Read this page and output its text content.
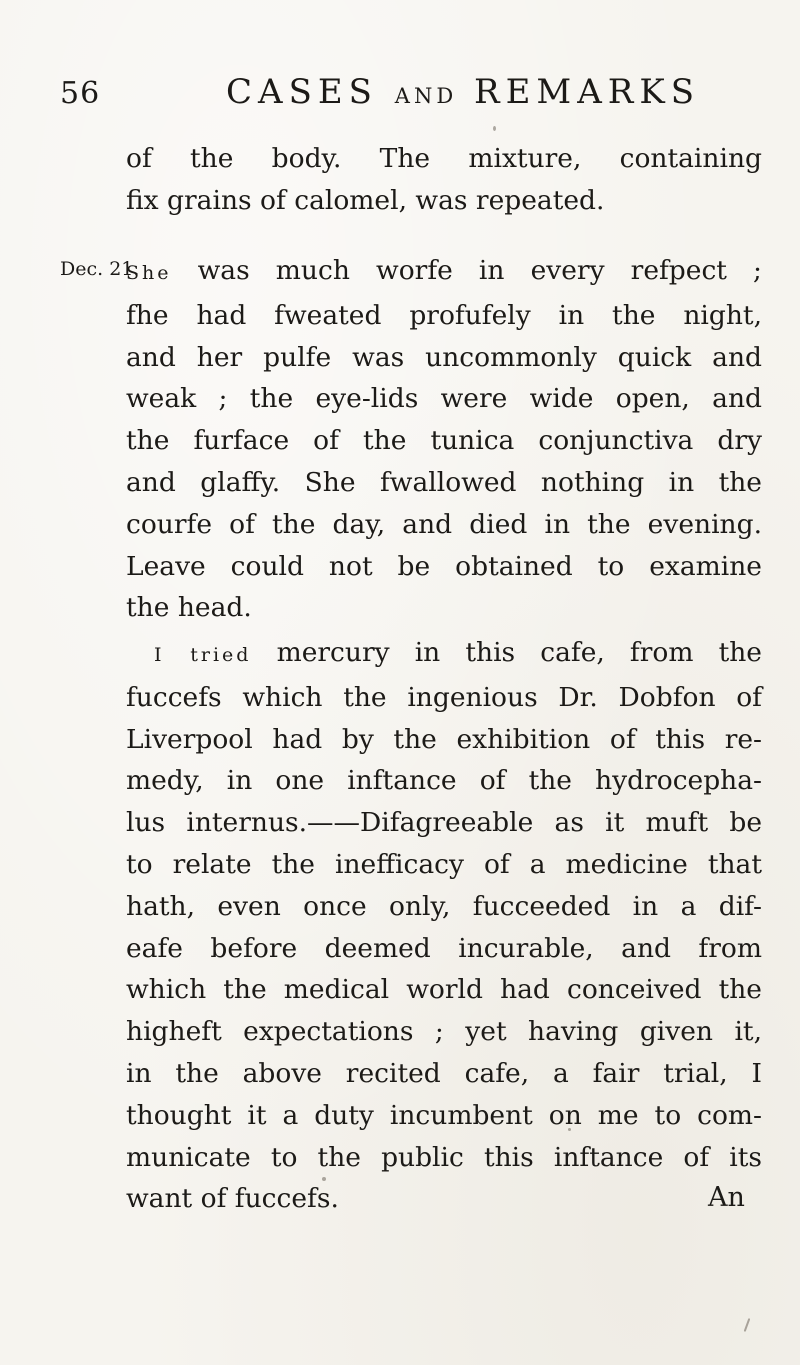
56	CASES AND REMARKS
Dec. 21.
of the body. The mixture, containing
fix grains of calomel, was repeated.
She was much worfe in every refpect ;
fhe had fweated profufely in the night,
and her pulfe was uncommonly quick and
weak ; the eye-lids were wide open, and
the furface of the tunica conjunctiva dry
and glaffy. She fwallowed nothing in the
courfe of the day, and died in the evening.
Leave could not be obtained to examine
the head.
I tried mercury in this cafe, from the
fuccefs which the ingenious Dr. Dobfon of
Liverpool had by the exhibition of this re-
medy, in one inftance of the hydrocepha-
lus internus.——Difagreeable as it muft be
to relate the inefficacy of a medicine that
hath, even once only, fucceeded in a dif-
eafe before deemed incurable, and from
which the medical world had conceived the
higheft expectations ; yet having given it,
in the above recited cafe, a fair trial, I
thought it a duty incumbent on me to com-
municate to the public this inftance of its
want of fuccefs.	An
